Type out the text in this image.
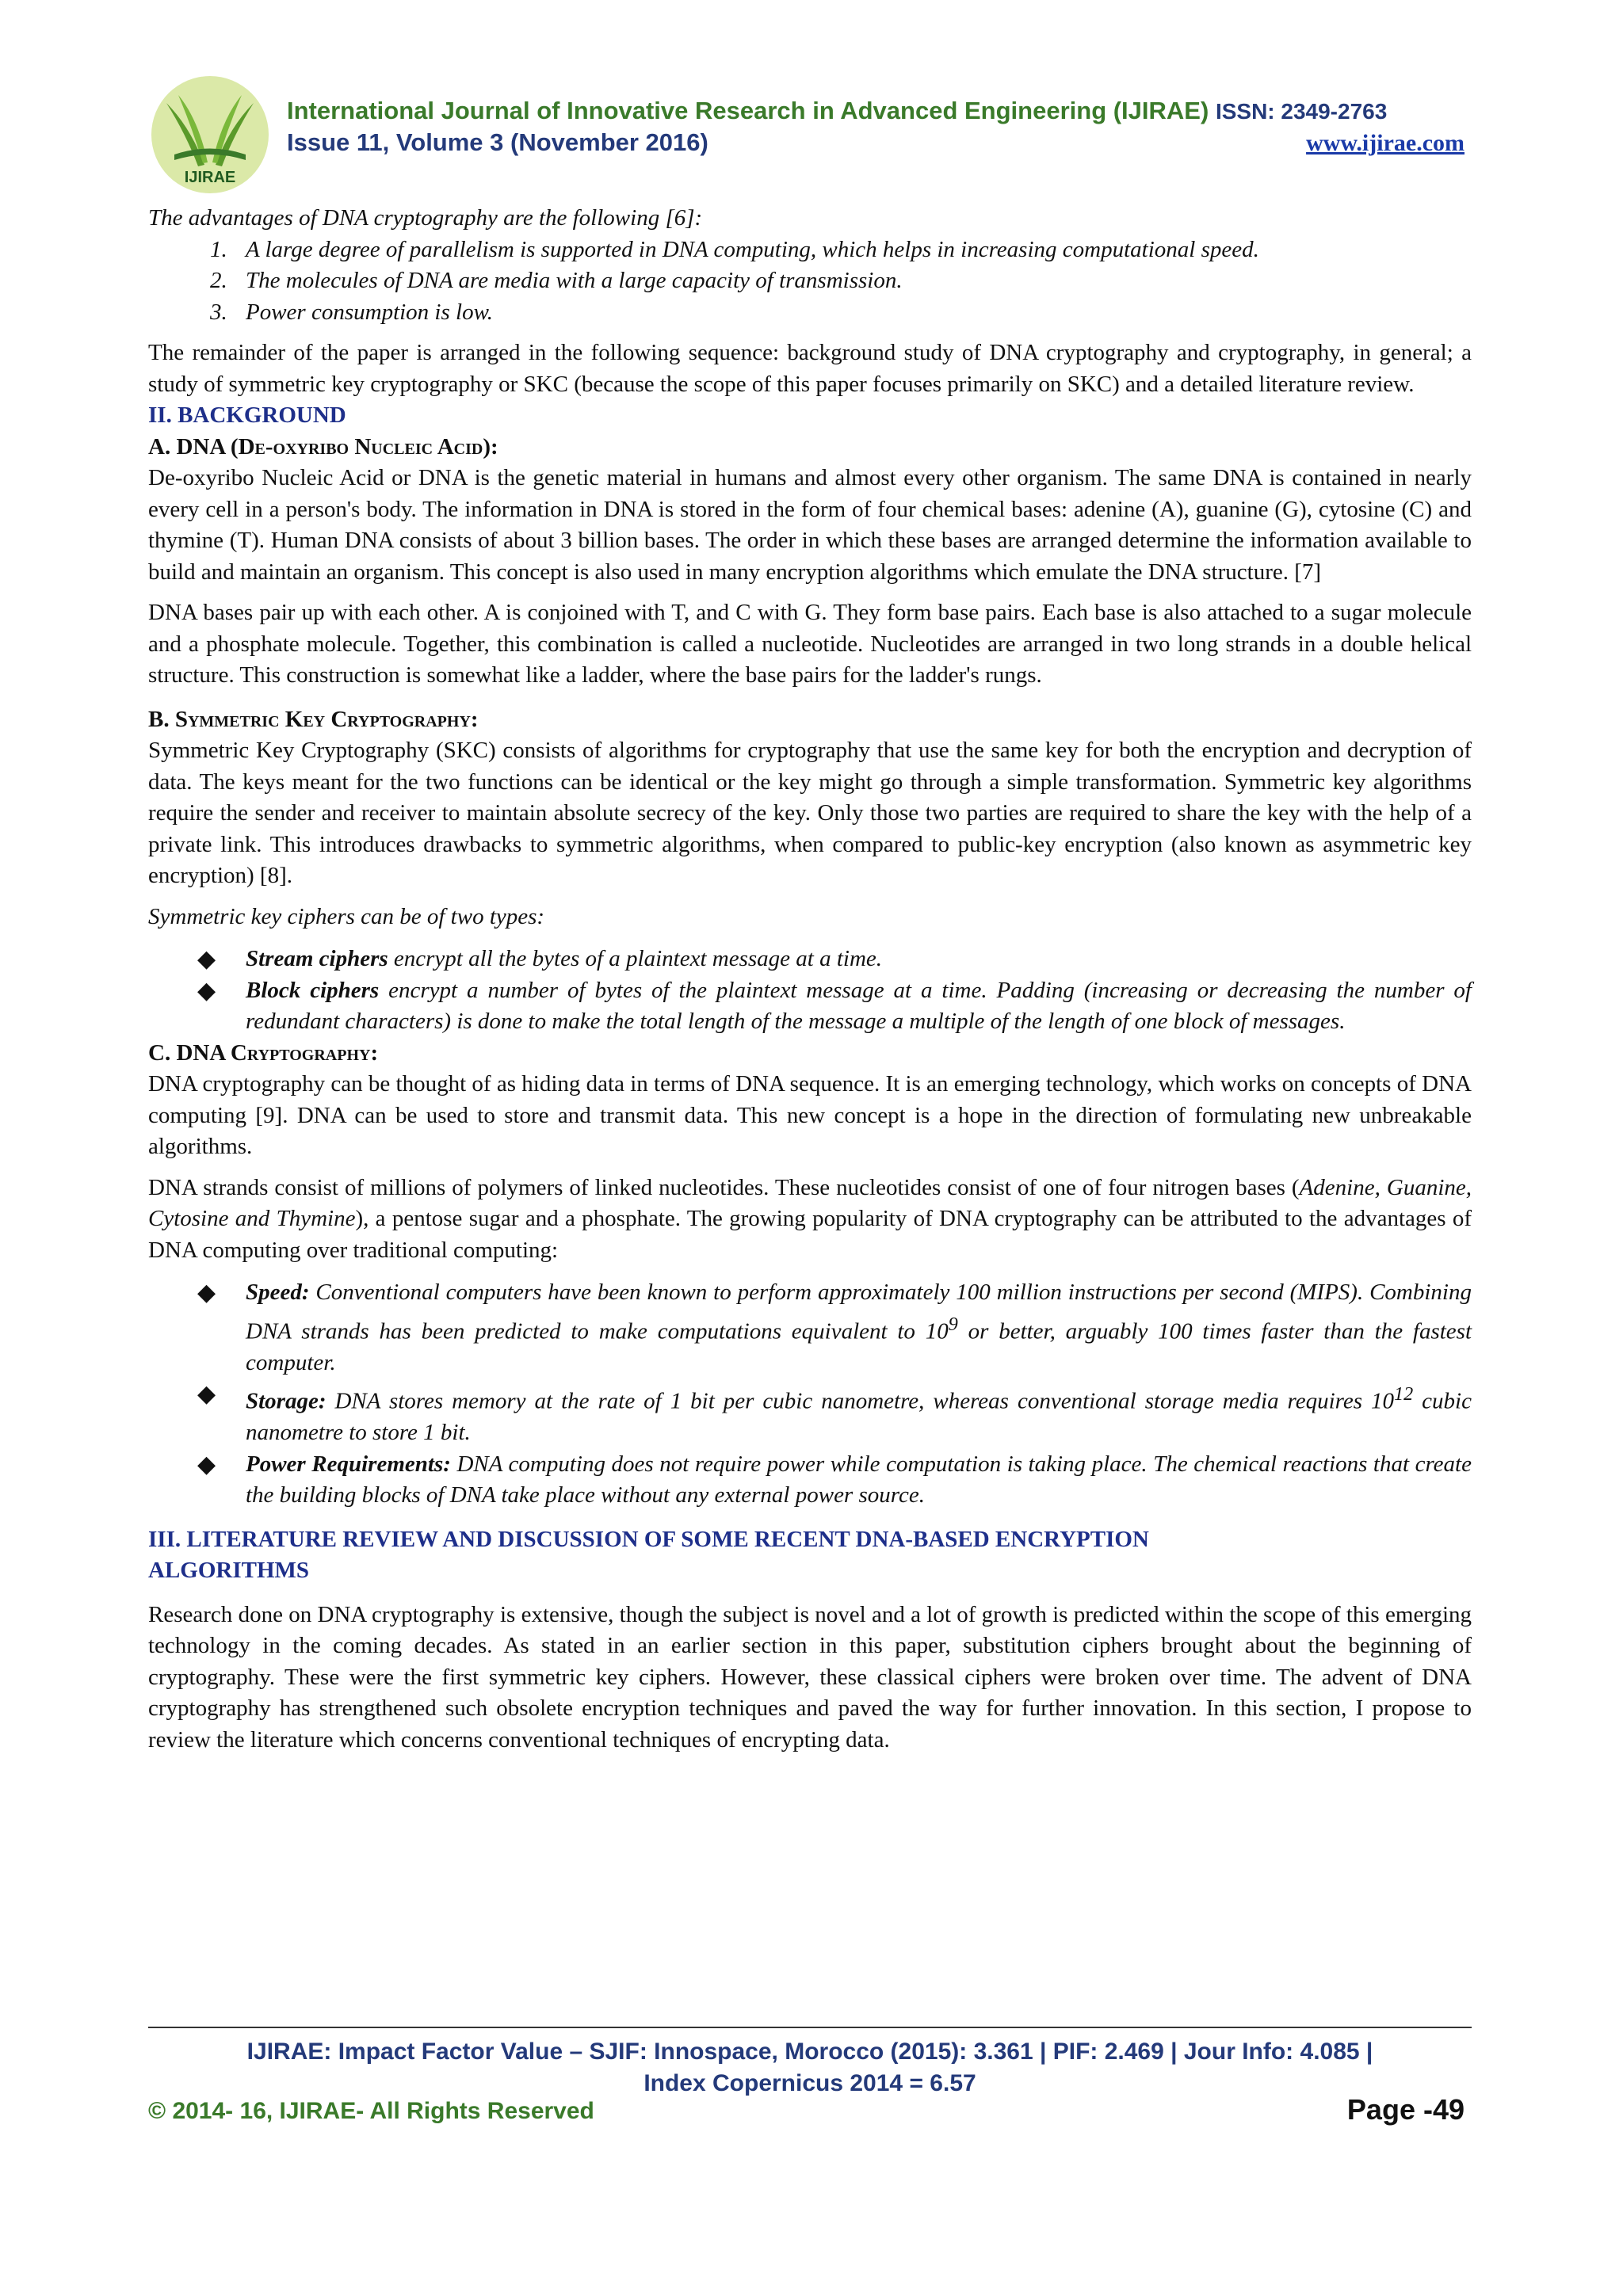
IJIRAE
International Journal of Innovative Research in Advanced Engineering (IJIRAE) ISSN: 2349-2763
Issue 11, Volume 3 (November 2016)	www.ijirae.com

The advantages of DNA cryptography are the following [6]:

1. A large degree of parallelism is supported in DNA computing, which helps in increasing computational speed.
2. The molecules of DNA are media with a large capacity of transmission.
3. Power consumption is low.

The remainder of the paper is arranged in the following sequence: background study of DNA cryptography and cryptography, in general; a study of symmetric key cryptography or SKC (because the scope of this paper focuses primarily on SKC) and a detailed literature review.

II. BACKGROUND

A. DNA (De-oxyribo Nucleic Acid):

De-oxyribo Nucleic Acid or DNA is the genetic material in humans and almost every other organism. The same DNA is contained in nearly every cell in a person's body. The information in DNA is stored in the form of four chemical bases: adenine (A), guanine (G), cytosine (C) and thymine (T). Human DNA consists of about 3 billion bases. The order in which these bases are arranged determine the information available to build and maintain an organism. This concept is also used in many encryption algorithms which emulate the DNA structure. [7]

DNA bases pair up with each other. A is conjoined with T, and C with G. They form base pairs. Each base is also attached to a sugar molecule and a phosphate molecule. Together, this combination is called a nucleotide. Nucleotides are arranged in two long strands in a double helical structure. This construction is somewhat like a ladder, where the base pairs for the ladder's rungs.

B. Symmetric Key Cryptography:

Symmetric Key Cryptography (SKC) consists of algorithms for cryptography that use the same key for both the encryption and decryption of data. The keys meant for the two functions can be identical or the key might go through a simple transformation. Symmetric key algorithms require the sender and receiver to maintain absolute secrecy of the key. Only those two parties are required to share the key with the help of a private link. This introduces drawbacks to symmetric algorithms, when compared to public-key encryption (also known as asymmetric key encryption) [8].

Symmetric key ciphers can be of two types:

◆ Stream ciphers encrypt all the bytes of a plaintext message at a time.
◆ Block ciphers encrypt a number of bytes of the plaintext message at a time. Padding (increasing or decreasing the number of redundant characters) is done to make the total length of the message a multiple of the length of one block of messages.

C. DNA Cryptography:

DNA cryptography can be thought of as hiding data in terms of DNA sequence. It is an emerging technology, which works on concepts of DNA computing [9]. DNA can be used to store and transmit data. This new concept is a hope in the direction of formulating new unbreakable algorithms.

DNA strands consist of millions of polymers of linked nucleotides. These nucleotides consist of one of four nitrogen bases (Adenine, Guanine, Cytosine and Thymine), a pentose sugar and a phosphate. The growing popularity of DNA cryptography can be attributed to the advantages of DNA computing over traditional computing:

◆ Speed: Conventional computers have been known to perform approximately 100 million instructions per second (MIPS). Combining DNA strands has been predicted to make computations equivalent to $10^9$ or better, arguably 100 times faster than the fastest computer.
◆ Storage: DNA stores memory at the rate of 1 bit per cubic nanometre, whereas conventional storage media requires $10^{12}$ cubic nanometre to store 1 bit.
◆ Power Requirements: DNA computing does not require power while computation is taking place. The chemical reactions that create the building blocks of DNA take place without any external power source.

III. LITERATURE REVIEW AND DISCUSSION OF SOME RECENT DNA-BASED ENCRYPTION
ALGORITHMS

Research done on DNA cryptography is extensive, though the subject is novel and a lot of growth is predicted within the scope of this emerging technology in the coming decades. As stated in an earlier section in this paper, substitution ciphers brought about the beginning of cryptography. These were the first symmetric key ciphers. However, these classical ciphers were broken over time. The advent of DNA cryptography has strengthened such obsolete encryption techniques and paved the way for further innovation. In this section, I propose to review the literature which concerns conventional techniques of encrypting data.

IJIRAE: Impact Factor Value – SJIF: Innospace, Morocco (2015): 3.361 | PIF: 2.469 | Jour Info: 4.085 |
Index Copernicus 2014 = 6.57
© 2014- 16, IJIRAE- All Rights Reserved	Page -49
